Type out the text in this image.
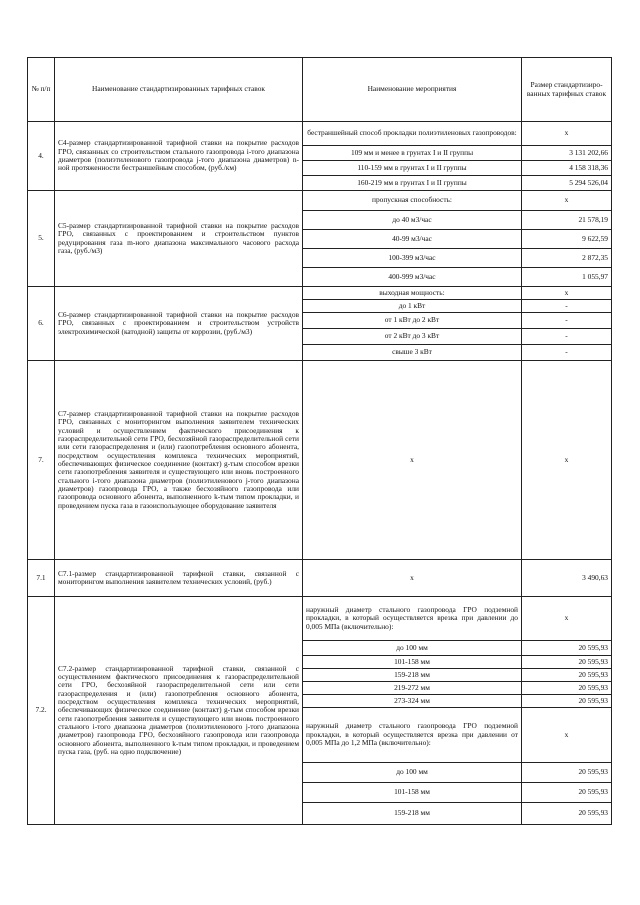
№ п/п	Наименование стандартизированных тарифных ставок	Наименование мероприятия	Размер стандартизиро-ванных тарифных ставок
4.	С4-размер стандартизированной тарифной ставки на покрытие расходов ГРО, связанных со строительством стального газопровода i-того диапазона диаметров (полиэтиленового газопровода j-того диапазона диаметров) n-ной протяженности бестраншейным способом, (руб./км)	бестраншейный способ прокладки полиэтиленовых газопроводов:	x
		109 мм и менее в грунтах I и II группы	3 131 202,66
		110-159 мм в грунтах I и II группы	4 158 318,36
		160-219 мм в грунтах I и II группы	5 294 526,04
5.	С5-размер стандартизированной тарифной ставки на покрытие расходов ГРО, связанных с проектированием и строительством пунктов редуцирования газа m-ного диапазона максимального часового расхода газа, (руб./м3)	пропускная способность:	x
		до 40 м3/час	21 578,19
		40-99 м3/час	9 622,59
		100-399 м3/час	2 872,35
		400-999 м3/час	1 055,97
6.	С6-размер стандартизированной тарифной ставки на покрытие расходов ГРО, связанных с проектированием и строительством устройств электрохимической (катодной) защиты от коррозии, (руб./м3)	выходная мощность:	x
		до 1 кВт	-
		от 1 кВт до 2 кВт	-
		от 2 кВт до 3 кВт	-
		свыше 3 кВт	-
7.	С7-размер стандартизированной тарифной ставки на покрытие расходов ГРО, связанных с мониторингом выполнения заявителем технических условий и осуществлением фактического присоединения к газораспределительной сети ГРО, бесхозяйной газораспределительной сети или сети газораспределения и (или) газопотребления основного абонента, посредством осуществления комплекса технических мероприятий, обеспечивающих физическое соединение (контакт) g-тым способом врезки сети газопотребления заявителя и существующего или вновь построенного стального i-того диапазона диаметров (полиэтиленового j-того диапазона диаметров) газопровода ГРО, а также бесхозяйного газопровода или газопровода основного абонента, выполненного k-тым типом прокладки, и проведением пуска газа в газоиспользующее оборудование заявителя	x	x
7.1	С7.1-размер стандартизированной тарифной ставки, связанной с мониторингом выполнения заявителем технических условий, (руб.)	x	3 490,63
7.2.	С7.2-размер стандартизированной тарифной ставки, связанной с осуществлением фактического присоединения к газораспределительной сети ГРО, бесхозяйной газораспределительной сети или сети газораспределения и (или) газопотребления основного абонента, посредством осуществления комплекса технических мероприятий, обеспечивающих физическое соединение (контакт) g-тым способом врезки сети газопотребления заявителя и существующего или вновь построенного стального i-того диапазона диаметров (полиэтиленового j-того диапазона диаметров) газопровода ГРО, бесхозяйного газопровода или газопровода основного абонента, выполненного k-тым типом прокладки, и проведением пуска газа, (руб. на одно подключение)	наружный диаметр стального газопровода ГРО подземной прокладки, в который осуществляется врезка при давлении до 0,005 МПа (включительно):	x
		до 100 мм	20 595,93
		101-158 мм	20 595,93
		159-218 мм	20 595,93
		219-272 мм	20 595,93
		273-324 мм	20 595,93
		наружный диаметр стального газопровода ГРО подземной прокладки, в который осуществляется врезка при давлении от 0,005 МПа до 1,2 МПа (включительно):	x
		до 100 мм	20 595,93
		101-158 мм	20 595,93
		159-218 мм	20 595,93
